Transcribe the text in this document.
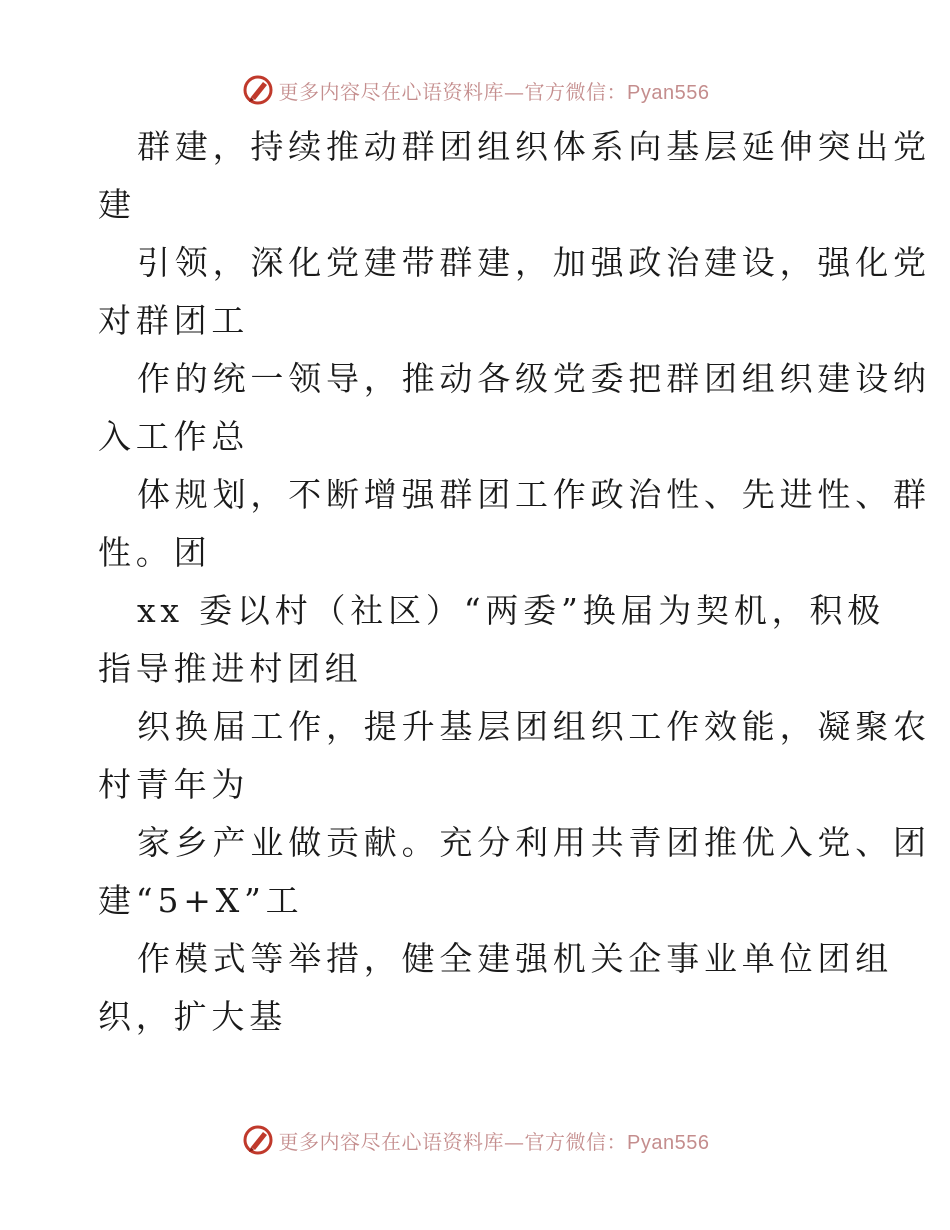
更多内容尽在心语资料库—官方微信：Pyan556
群建，持续推动群团组织体系向基层延伸突出党
建
引领，深化党建带群建，加强政治建设，强化党
对群团工
作的统一领导，推动各级党委把群团组织建设纳
入工作总
体规划，不断增强群团工作政治性、先进性、群
性。团
xx 委以村（社区）“两委”换届为契机，积极
指导推进村团组
织换届工作，提升基层团组织工作效能，凝聚农
村青年为
家乡产业做贡献。充分利用共青团推优入党、团
建“5+X”工
作模式等举措，健全建强机关企事业单位团组
织，扩大基
更多内容尽在心语资料库—官方微信：Pyan556
